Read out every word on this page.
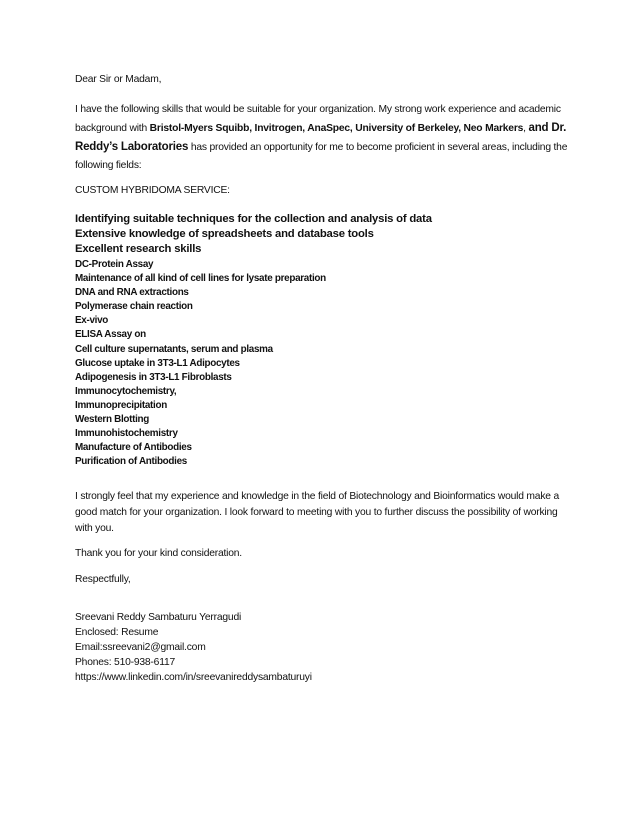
Dear Sir or Madam,
I have the following skills that would be suitable for your organization. My strong work experience and academic background with Bristol-Myers Squibb, Invitrogen, AnaSpec, University of Berkeley, Neo Markers, and Dr. Reddy’s Laboratories has provided an opportunity for me to become proficient in several areas, including the following fields:
CUSTOM HYBRIDOMA SERVICE:
Identifying suitable techniques for the collection and analysis of data
Extensive knowledge of spreadsheets and database tools
Excellent research skills
DC-Protein Assay
Maintenance of all kind of cell lines for lysate preparation
DNA and RNA extractions
Polymerase chain reaction
Ex-vivo
ELISA Assay on
Cell culture supernatants, serum and plasma
Glucose uptake in 3T3-L1 Adipocytes
Adipogenesis in 3T3-L1 Fibroblasts
Immunocytochemistry,
Immunoprecipitation
Western Blotting
Immunohistochemistry
Manufacture of Antibodies
Purification of Antibodies
I strongly feel that my experience and knowledge in the field of Biotechnology and Bioinformatics would make a good match for your organization. I look forward to meeting with you to further discuss the possibility of working with you.
Thank you for your kind consideration.
Respectfully,
Sreevani Reddy Sambaturu Yerragudi
Enclosed: Resume
Email:ssreevani2@gmail.com
Phones: 510-938-6117
https://www.linkedin.com/in/sreevanireddysambaturuyi
